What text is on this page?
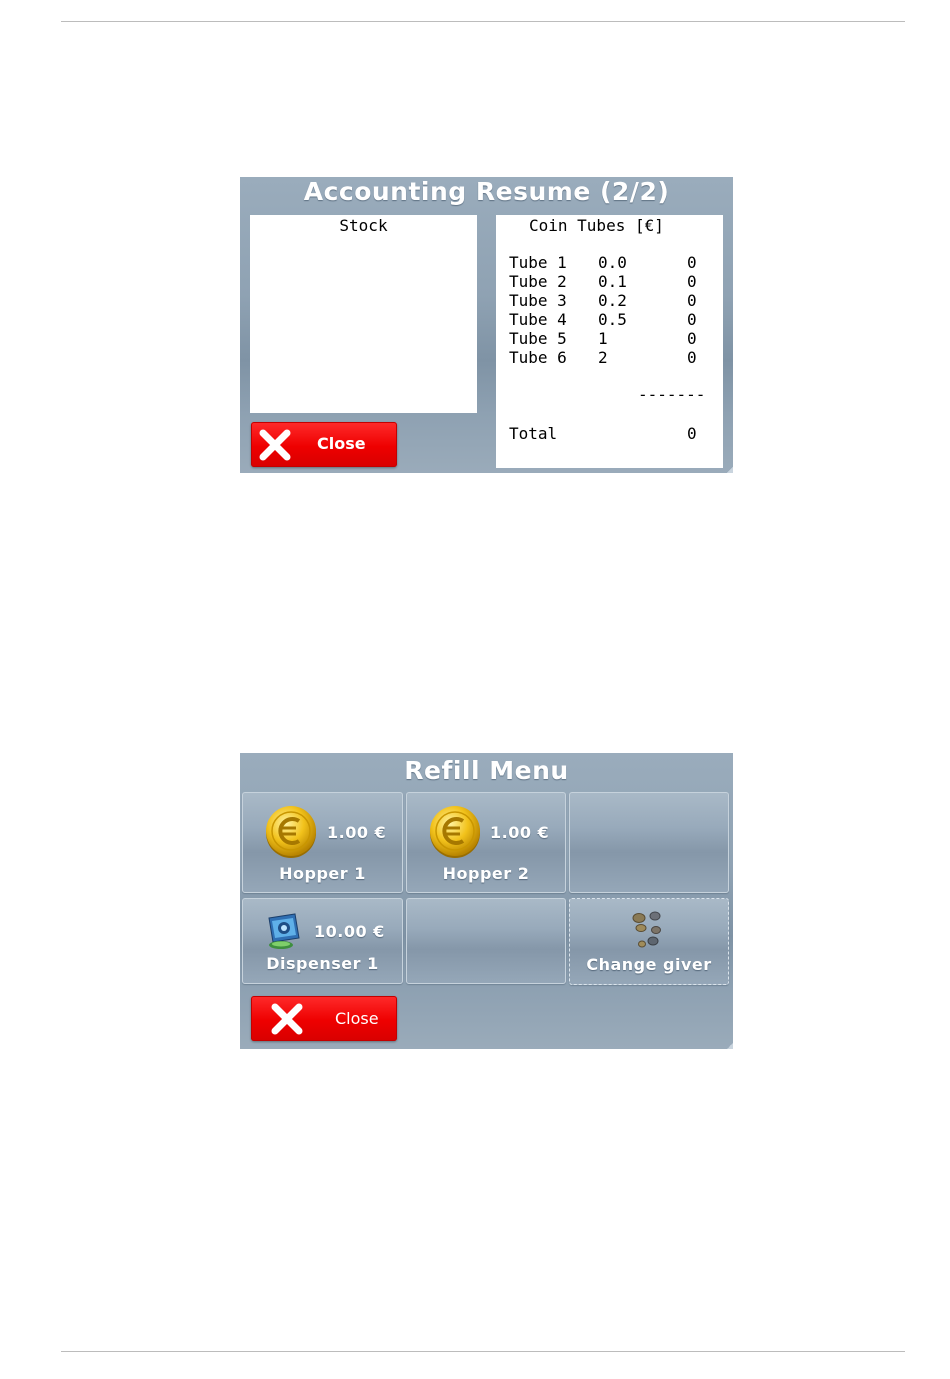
Accounting Resume (2/2)
Stock	Coin Tubes [€]
Tube 1 0.0	0
Tube 2 0.1	0
Tube 3 0.2	0
Tube 4 0.5	0
Tube 5 1	0
Tube 6 2	0
-------
Total	0
Close
Refill Menu
1.00 €
Hopper 1
1.00 €
Hopper 2
10.00 €
Dispenser 1	Change giver
Close
